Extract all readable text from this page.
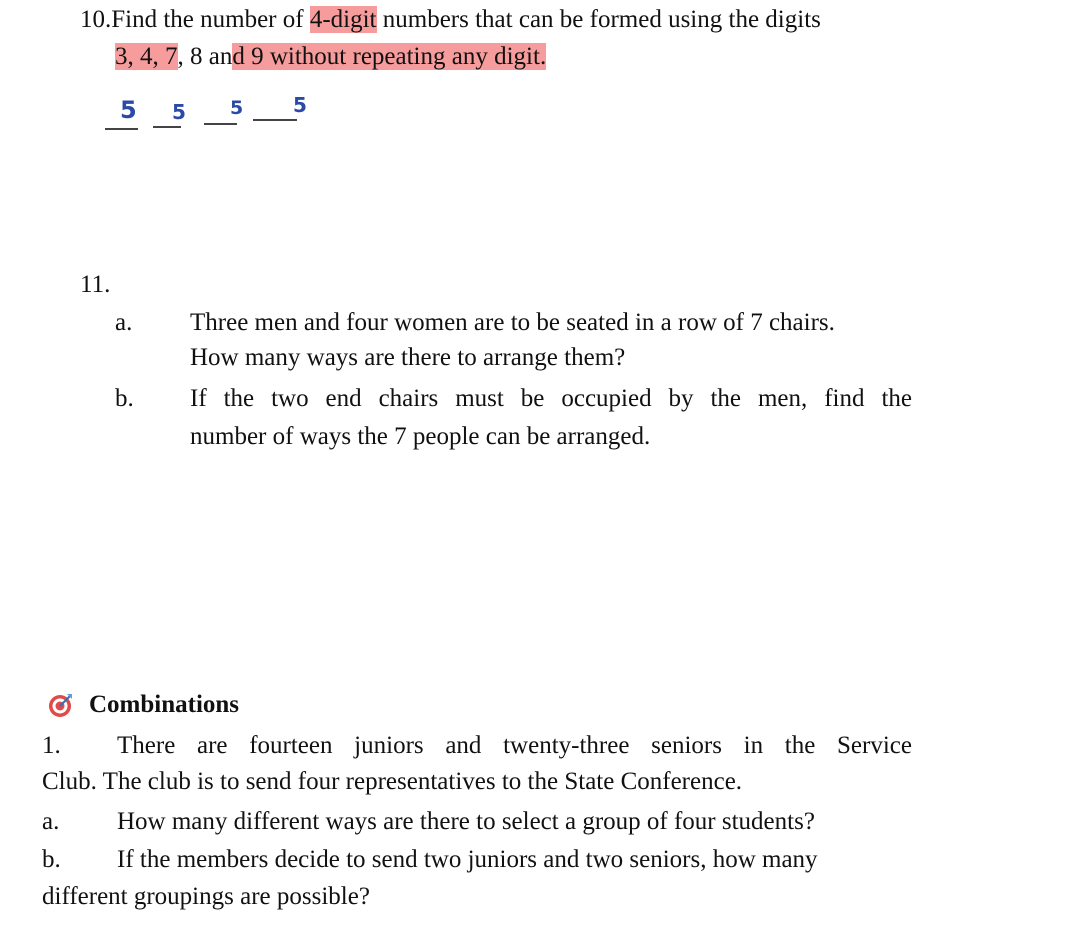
10.Find the number of 4-digit numbers that can be formed using the digits
3, 4, 7, 8 and 9 without repeating any digit.
5 5 5 5
11.
a. Three men and four women are to be seated in a row of 7 chairs.
How many ways are there to arrange them?
b. If the two end chairs must be occupied by the men, find the
number of ways the 7 people can be arranged.
Combinations
1. There are fourteen juniors and twenty-three seniors in the Service
Club. The club is to send four representatives to the State Conference.
a. How many different ways are there to select a group of four students?
b. If the members decide to send two juniors and two seniors, how many
different groupings are possible?
